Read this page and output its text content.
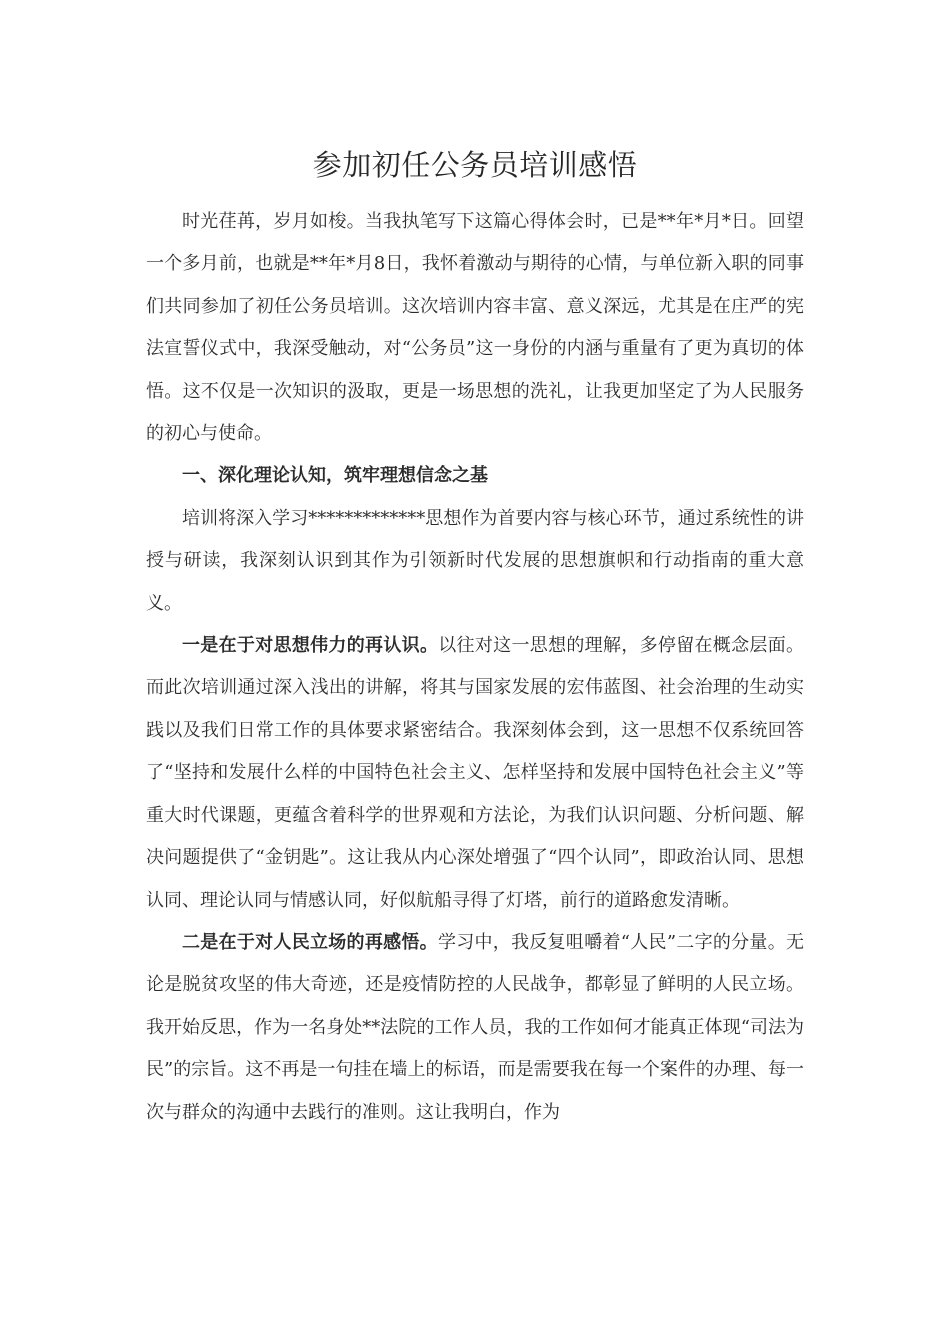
参加初任公务员培训感悟

时光荏苒，岁月如梭。当我执笔写下这篇心得体会时，已是**年*月*日。回望一个多月前，也就是**年*月8日，我怀着激动与期待的心情，与单位新入职的同事们共同参加了初任公务员培训。这次培训内容丰富、意义深远，尤其是在庄严的宪法宣誓仪式中，我深受触动，对“公务员”这一身份的内涵与重量有了更为真切的体悟。这不仅是一次知识的汲取，更是一场思想的洗礼，让我更加坚定了为人民服务的初心与使命。

一、深化理论认知，筑牢理想信念之基

培训将深入学习*************思想作为首要内容与核心环节，通过系统性的讲授与研读，我深刻认识到其作为引领新时代发展的思想旗帜和行动指南的重大意义。

一是在于对思想伟力的再认识。以往对这一思想的理解，多停留在概念层面。而此次培训通过深入浅出的讲解，将其与国家发展的宏伟蓝图、社会治理的生动实践以及我们日常工作的具体要求紧密结合。我深刻体会到，这一思想不仅系统回答了“坚持和发展什么样的中国特色社会主义、怎样坚持和发展中国特色社会主义”等重大时代课题，更蕴含着科学的世界观和方法论，为我们认识问题、分析问题、解决问题提供了“金钥匙”。这让我从内心深处增强了“四个认同”，即政治认同、思想认同、理论认同与情感认同，好似航船寻得了灯塔，前行的道路愈发清晰。

二是在于对人民立场的再感悟。学习中，我反复咀嚼着“人民”二字的分量。无论是脱贫攻坚的伟大奇迹，还是疫情防控的人民战争，都彰显了鲜明的人民立场。我开始反思，作为一名身处**法院的工作人员，我的工作如何才能真正体现“司法为民”的宗旨。这不再是一句挂在墙上的标语，而是需要我在每一个案件的办理、每一次与群众的沟通中去践行的准则。这让我明白，作为
